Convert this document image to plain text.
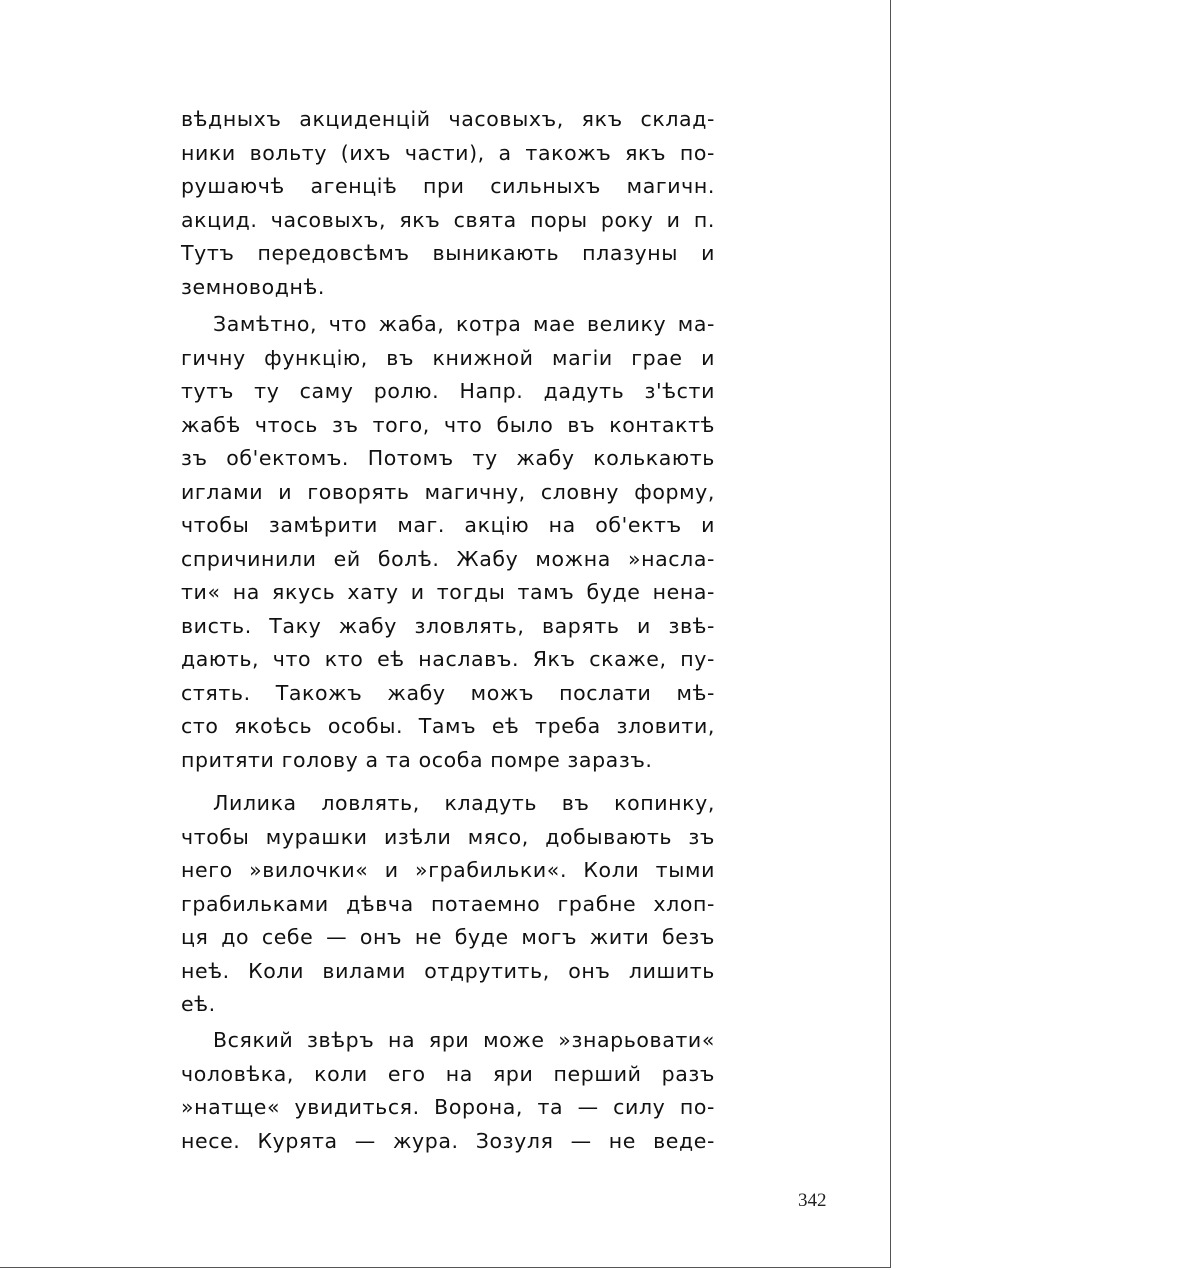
вѣдныхъ акциденцій часовыхъ, якъ склад-
ники вольту (ихъ части), а такожъ якъ по-
рушаючѣ агенціѣ при сильныхъ магичн.
акцид. часовыхъ, якъ свята поры року и п.
Тутъ передовсѣмъ выникають плазуны и
земноводнѣ.
Замѣтно, что жаба, котра мае велику ма-
гичну функцію, въ книжной магіи грае и
тутъ ту саму ролю. Напр. дадуть з'ѣсти
жабѣ чтось зъ того, что было въ контактѣ
зъ об'ектомъ. Потомъ ту жабу колькають
иглами и говорять магичну, словну форму,
чтобы замѣрити маг. акцію на об'ектъ и
спричинили ей болѣ. Жабу можна »насла-
ти« на якусь хату и тогды тамъ буде нена-
висть. Таку жабу зловлять, варять и звѣ-
дають, что кто еѣ наславъ. Якъ скаже, пу-
стять. Такожъ жабу можъ послати мѣ-
сто якоѣсь особы. Тамъ еѣ треба зловити,
притяти голову а та особа помре заразъ.
Лилика ловлять, кладуть въ копинку,
чтобы мурашки изѣли мясо, добывають зъ
него »вилочки« и »грабильки«. Коли тыми
грабильками дѣвча потаемно грабне хлоп-
ця до себе — онъ не буде могъ жити безъ
неѣ. Коли вилами отдрутить, онъ лишить
еѣ.
Всякий звѣръ на яри може »знарьовати«
чоловѣка, коли его на яри перший разъ
»натще« увидиться. Ворона, та — силу по-
несе. Курята — жура. Зозуля — не веде-
342
